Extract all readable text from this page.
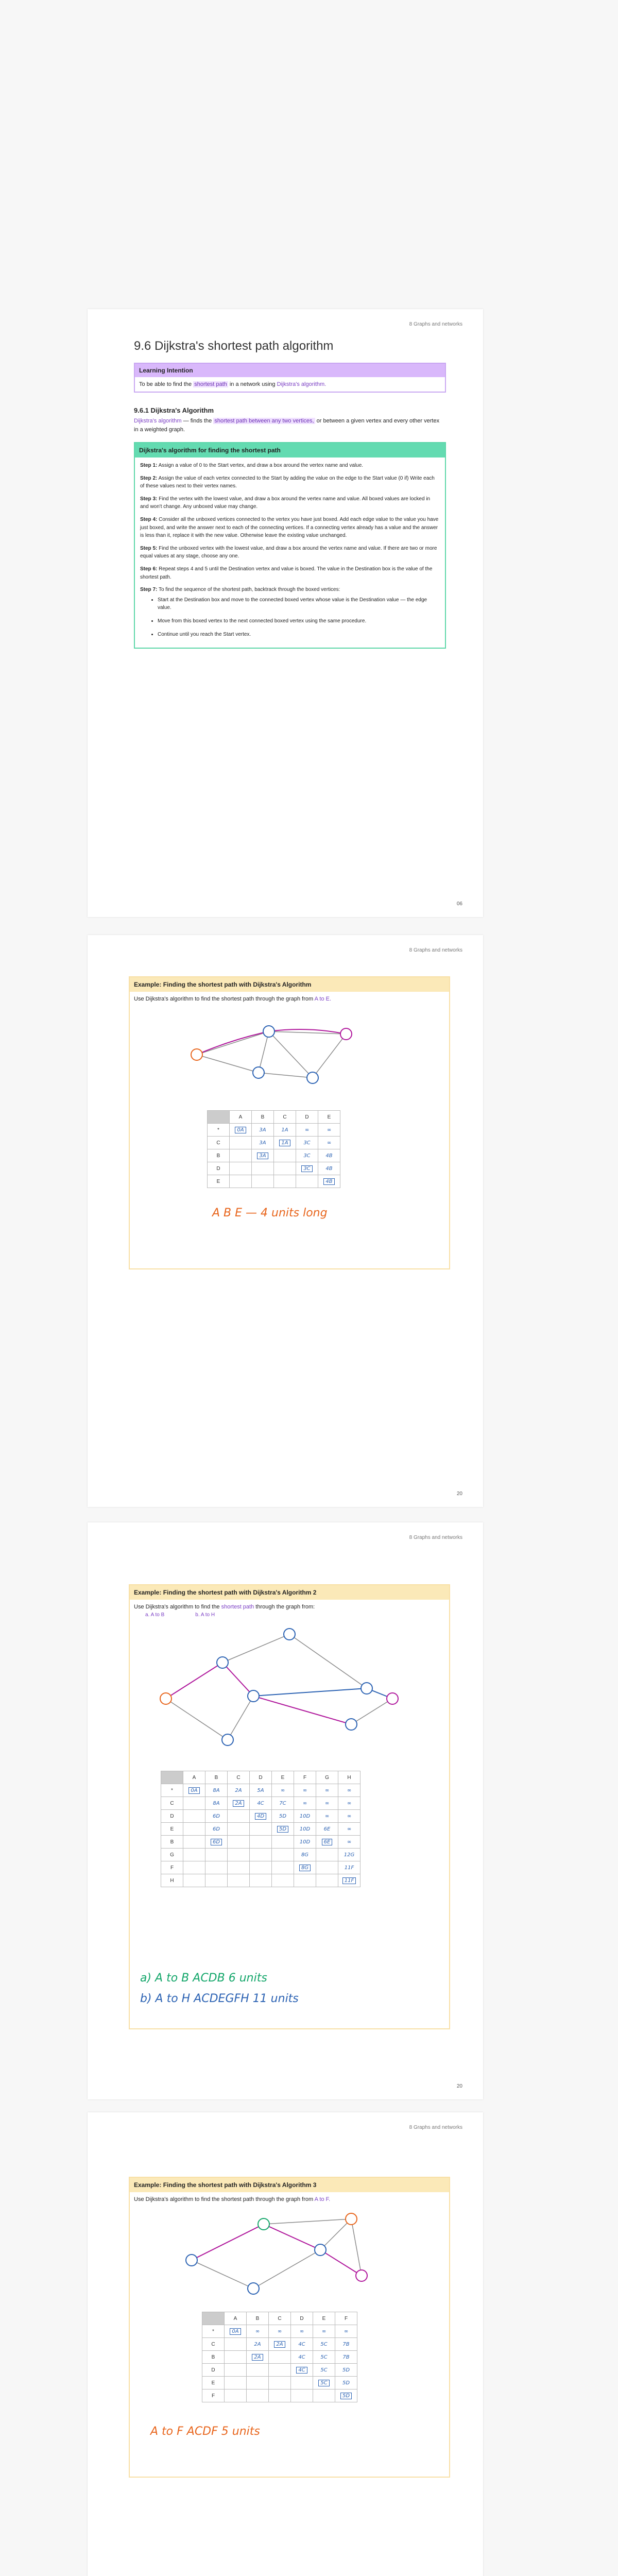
8 Graphs and networks
9.6 Dijkstra's shortest path algorithm
Learning Intention
To be able to find the shortest path in a network using Dijkstra's algorithm.
9.6.1 Dijkstra's Algorithm
Dijkstra's algorithm — finds the shortest path between any two vertices, or between a given vertex and every other vertex in a weighted graph.
Dijkstra's algorithm for finding the shortest path

Step 1: Assign a value of 0 to the Start vertex, and draw a box around the vertex name and value.

Step 2: Assign the value of each vertex connected to the Start by adding the value on the edge to the Start value (0 if) Write each of these values next to their vertex names.

Step 3: Find the vertex with the lowest value, and draw a box around the vertex name and value. All boxed values are locked in and won't change. Any unboxed value may change.

Step 4: Consider all the unboxed vertices connected to the vertex you have just boxed. Add each edge value to the value you have just boxed, and write the answer next to each of the connecting vertices. If a connecting vertex already has a value and the answer is less than it, replace it with the new value. Otherwise leave the existing value unchanged.

Step 5: Find the unboxed vertex with the lowest value, and draw a box around the vertex name and value. If there are two or more equal values at any stage, choose any one.

Step 6: Repeat steps 4 and 5 until the Destination vertex and value is boxed. The value in the Destination box is the value of the shortest path.

Step 7: To find the sequence of the shortest path, backtrack through the boxed vertices:

• Start at the Destination box and move to the connected boxed vertex whose value is the Destination value — the edge value.
• Move from this boxed vertex to the next connected boxed vertex using the same procedure.
• Continue until you reach the Start vertex.
06
8 Graphs and networks
Example: Finding the shortest path with Dijkstra's Algorithm
Use Dijkstra's algorithm to find the shortest path through the graph from A to E.
	A	B	C	D	E
*	0A	3A	1A	∞	∞
C		3A	1A	3C	∞
B		3A		3C	4B
D				3C	4B
E					4B
A B E — 4 units long
20
8 Graphs and networks
Example: Finding the shortest path with Dijkstra's Algorithm 2
Use Dijkstra's algorithm to find the shortest path through the graph from:
a. A to B	b. A to H
	A	B	C	D	E	F	G	H
*	0A	8A	2A	5A	∞	∞	∞	∞
C		8A	2A	4C	7C	∞	∞	∞
D		6D		4D	5D	10D	∞	∞
E		6D			5D	10D	6E	∞
B		6D				10D	6E	∞
G						8G		12G
F						8G		11F
H								11F
a) A to B ACDB 6 units
b) A to H ACDEGFH 11 units
20
8 Graphs and networks
Example: Finding the shortest path with Dijkstra's Algorithm 3
Use Dijkstra's algorithm to find the shortest path through the graph from A to F.
	A	B	C	D	E	F
*	0A	∞	∞	∞	∞	∞
C		2A	2A	4C	5C	7B
B		2A		4C	5C	7B
D				4C	5C	5D
E					5C	5D
F						5D
A to F ACDF 5 units
